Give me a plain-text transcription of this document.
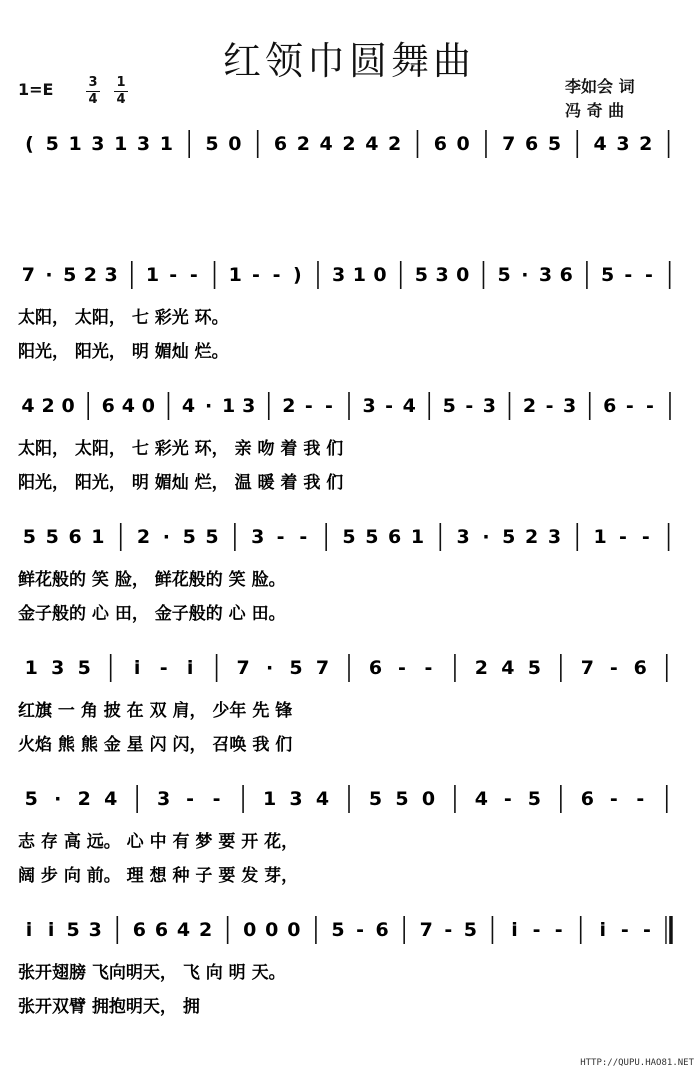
红领巾圆舞曲
1=E	3
4
1
4
李如会 词
冯 奇 曲
( 5 1 3 1 3 1 5 0 6 2 4 2 4 2 6 0 7 6 5 4 3 2
7 · 5 2 3 1 - - 1 - - ) 3 1 0 5 3 0 5 · 3 6 5 - -
太阳， 太阳， 七 彩光 环。
阳光， 阳光， 明 媚灿 烂。
4 2 0 6 4 0 4 · 1 3 2 - - 3 - 4 5 - 3 2 - 3 6 - -
太阳， 太阳， 七 彩光 环， 亲 吻 着 我 们
阳光， 阳光， 明 媚灿 烂， 温 暖 着 我 们
5 5 6 1 2 · 5 5 3 - - 5 5 6 1 3 · 5 2 3 1 - -
鲜花般的 笑 脸， 鲜花般的 笑 脸。
金子般的 心 田， 金子般的 心 田。
1 3 5 i - i 7 · 5 7 6 - - 2 4 5 7 - 6
红旗 一 角 披 在 双 肩， 少年 先 锋
火焰 熊 熊 金 星 闪 闪， 召唤 我 们
5 · 2 4 3 - - 1 3 4 5 5 0 4 - 5 6 - -
志 存 高 远。 心 中 有 梦 要 开 花，
阔 步 向 前。 理 想 种 子 要 发 芽，
i i 5 3 6 6 4 2 0 0 0 5 - 6 7 - 5 i - - i - -
张开翅膀 飞向明天， 飞 向 明 天。
张开双臂 拥抱明天， 拥
HTTP://QUPU.HAO81.NET
